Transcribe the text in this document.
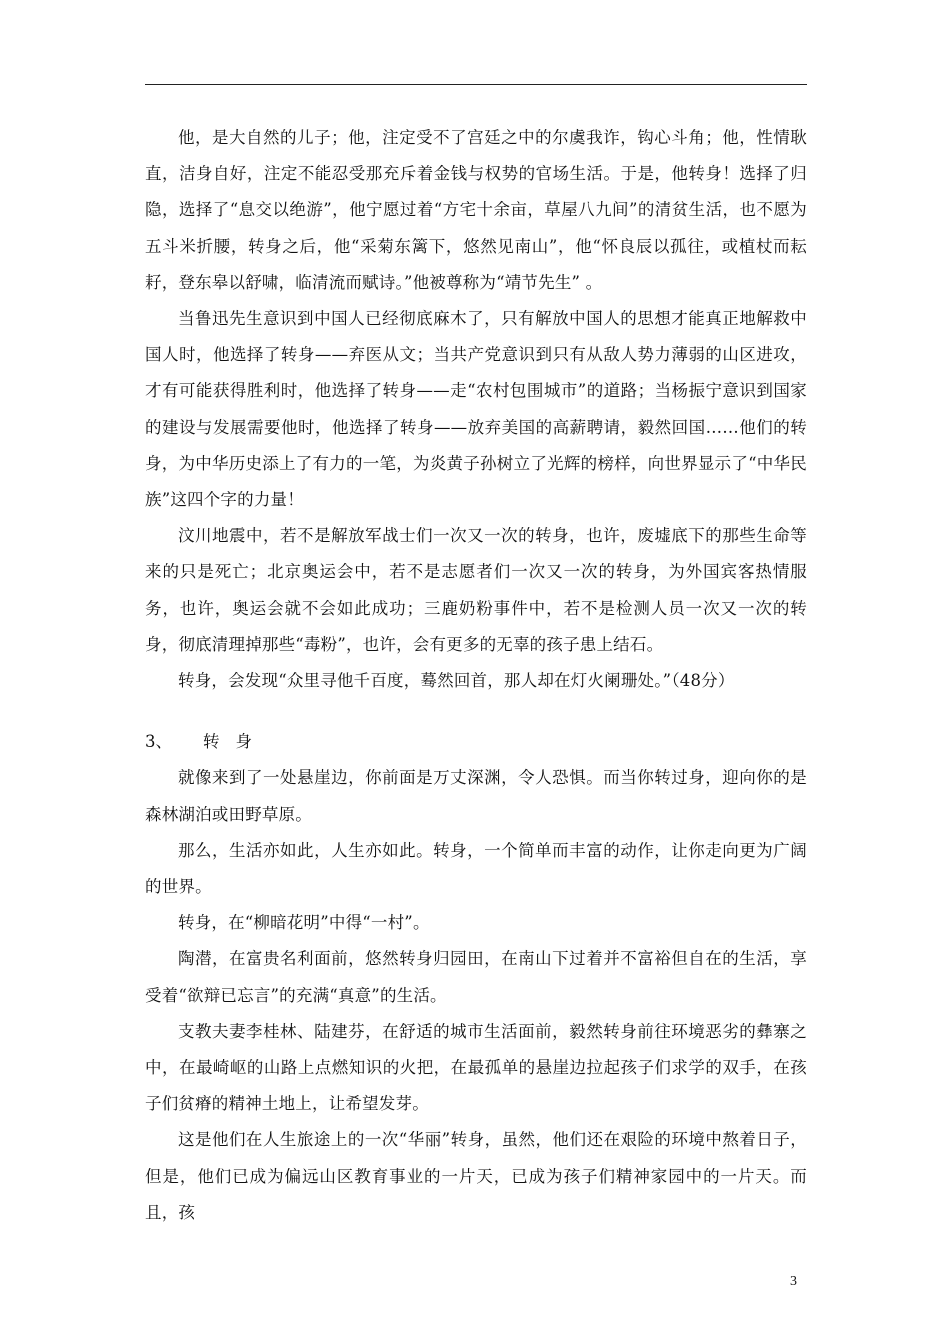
他，是大自然的儿子；他，注定受不了宫廷之中的尔虞我诈，钩心斗角；他，性情耿直，洁身自好，注定不能忍受那充斥着金钱与权势的官场生活。于是，他转身！选择了归隐，选择了“息交以绝游”，他宁愿过着“方宅十余亩，草屋八九间”的清贫生活，也不愿为五斗米折腰，转身之后，他“采菊东篱下，悠然见南山”，他“怀良辰以孤往，或植杖而耘耔，登东皋以舒啸，临清流而赋诗。”他被尊称为“靖节先生” 。

当鲁迅先生意识到中国人已经彻底麻木了，只有解放中国人的思想才能真正地解救中国人时，他选择了转身——弃医从文；当共产党意识到只有从敌人势力薄弱的山区进攻，才有可能获得胜利时，他选择了转身——走“农村包围城市”的道路；当杨振宁意识到国家的建设与发展需要他时，他选择了转身——放弃美国的高薪聘请，毅然回国……他们的转身，为中华历史添上了有力的一笔，为炎黄子孙树立了光辉的榜样，向世界显示了“中华民族”这四个字的力量！

汶川地震中，若不是解放军战士们一次又一次的转身，也许，废墟底下的那些生命等来的只是死亡；北京奥运会中，若不是志愿者们一次又一次的转身，为外国宾客热情服务，也许，奥运会就不会如此成功；三鹿奶粉事件中，若不是检测人员一次又一次的转身，彻底清理掉那些“毒粉”，也许，会有更多的无辜的孩子患上结石。

转身，会发现“众里寻他千百度，蓦然回首，那人却在灯火阑珊处。”（48分）

3、 转身

就像来到了一处悬崖边，你前面是万丈深渊，令人恐惧。而当你转过身，迎向你的是森林湖泊或田野草原。

那么，生活亦如此，人生亦如此。转身，一个简单而丰富的动作，让你走向更为广阔的世界。

转身，在“柳暗花明”中得“一村”。

陶潜，在富贵名利面前，悠然转身归园田，在南山下过着并不富裕但自在的生活，享受着“欲辩已忘言”的充满“真意”的生活。

支教夫妻李桂林、陆建芬，在舒适的城市生活面前，毅然转身前往环境恶劣的彝寨之中，在最崎岖的山路上点燃知识的火把，在最孤单的悬崖边拉起孩子们求学的双手，在孩子们贫瘠的精神土地上，让希望发芽。

这是他们在人生旅途上的一次“华丽”转身，虽然，他们还在艰险的环境中熬着日子，但是，他们已成为偏远山区教育事业的一片天，已成为孩子们精神家园中的一片天。而且，孩

3
